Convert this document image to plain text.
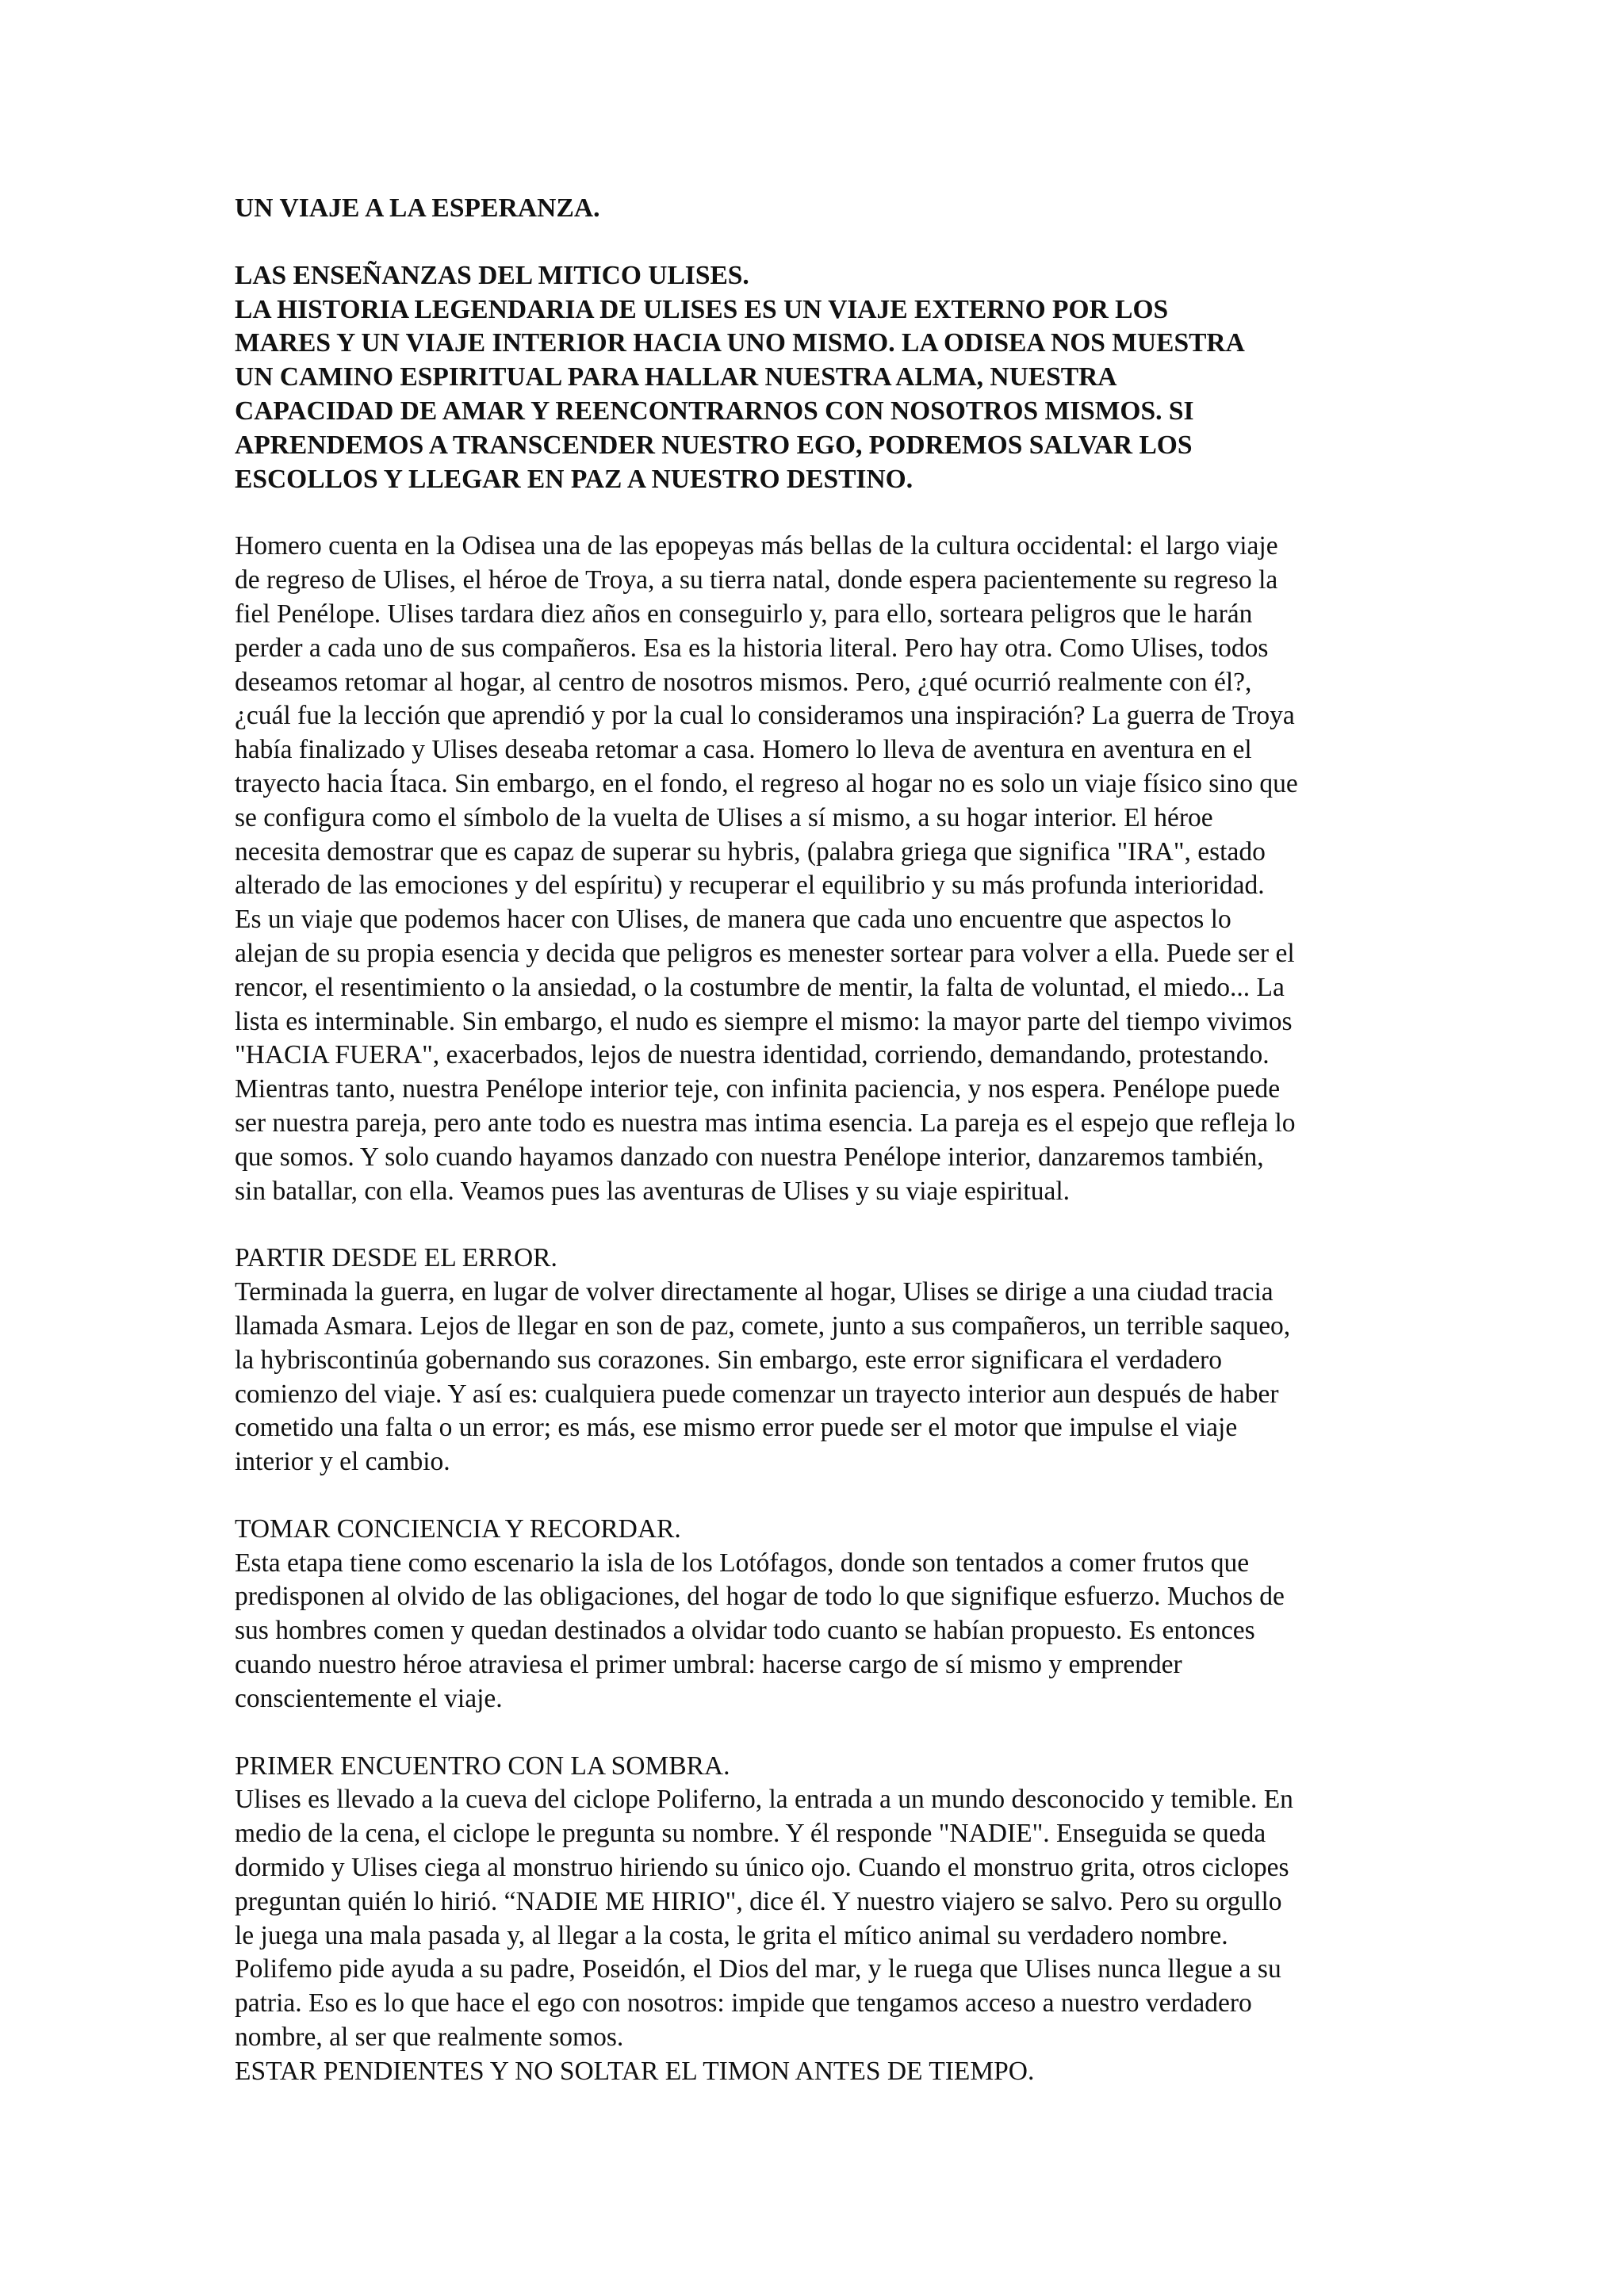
UN VIAJE A LA ESPERANZA.

LAS ENSEÑANZAS DEL MITICO ULISES.

LA HISTORIA LEGENDARIA DE ULISES ES UN VIAJE EXTERNO POR LOS

MARES Y UN VIAJE INTERIOR HACIA UNO MISMO. LA ODISEA NOS MUESTRA

UN CAMINO ESPIRITUAL PARA HALLAR NUESTRA ALMA, NUESTRA

CAPACIDAD DE AMAR Y REENCONTRARNOS CON NOSOTROS MISMOS. SI

APRENDEMOS A TRANSCENDER NUESTRO EGO, PODREMOS SALVAR LOS

ESCOLLOS Y LLEGAR EN PAZ A NUESTRO DESTINO.

Homero cuenta en la Odisea una de las epopeyas más bellas de la cultura occidental: el largo viaje

de regreso de Ulises, el héroe de Troya, a su tierra natal, donde espera pacientemente su regreso la

fiel Penélope. Ulises tardara diez años en conseguirlo y, para ello, sorteara peligros que le harán

perder a cada uno de sus compañeros. Esa es la historia literal. Pero hay otra. Como Ulises, todos

deseamos retomar al hogar, al centro de nosotros mismos. Pero, ¿qué ocurrió realmente con él?,

¿cuál fue la lección que aprendió y por la cual lo consideramos una inspiración? La guerra de Troya

había finalizado y Ulises deseaba retomar a casa. Homero lo lleva de aventura en aventura en el

trayecto hacia Ítaca. Sin embargo, en el fondo, el regreso al hogar no es solo un viaje físico sino que

se configura como el símbolo de la vuelta de Ulises a sí mismo, a su hogar interior. El héroe

necesita demostrar que es capaz de superar su hybris, (palabra griega que significa "IRA", estado

alterado de las emociones y del espíritu) y recuperar el equilibrio y su más profunda interioridad.

Es un viaje que podemos hacer con Ulises, de manera que cada uno encuentre que aspectos lo

alejan de su propia esencia y decida que peligros es menester sortear para volver a ella. Puede ser el

rencor, el resentimiento o la ansiedad, o la costumbre de mentir, la falta de voluntad, el miedo... La

lista es interminable. Sin embargo, el nudo es siempre el mismo: la mayor parte del tiempo vivimos

"HACIA FUERA", exacerbados, lejos de nuestra identidad, corriendo, demandando, protestando.

Mientras tanto, nuestra Penélope interior teje, con infinita paciencia, y nos espera. Penélope puede

ser nuestra pareja, pero ante todo es nuestra mas intima esencia. La pareja es el espejo que refleja lo

que somos. Y solo cuando hayamos danzado con nuestra Penélope interior, danzaremos también,

sin batallar, con ella. Veamos pues las aventuras de Ulises y su viaje espiritual.

PARTIR DESDE EL ERROR.

Terminada la guerra, en lugar de volver directamente al hogar, Ulises se dirige a una ciudad tracia

llamada Asmara. Lejos de llegar en son de paz, comete, junto a sus compañeros, un terrible saqueo,

la hybriscontinúa gobernando sus corazones. Sin embargo, este error significara el verdadero

comienzo del viaje. Y así es: cualquiera puede comenzar un trayecto interior aun después de haber

cometido una falta o un error; es más, ese mismo error puede ser el motor que impulse el viaje

interior y el cambio.

TOMAR CONCIENCIA Y RECORDAR.

Esta etapa tiene como escenario la isla de los Lotófagos, donde son tentados a comer frutos que

predisponen al olvido de las obligaciones, del hogar de todo lo que signifique esfuerzo. Muchos de

sus hombres comen y quedan destinados a olvidar todo cuanto se habían propuesto. Es entonces

cuando nuestro héroe atraviesa el primer umbral: hacerse cargo de sí mismo y emprender

conscientemente el viaje.

PRIMER ENCUENTRO CON LA SOMBRA.

Ulises es llevado a la cueva del ciclope Poliferno, la entrada a un mundo desconocido y temible. En

medio de la cena, el ciclope le pregunta su nombre. Y él responde "NADIE". Enseguida se queda

dormido y Ulises ciega al monstruo hiriendo su único ojo. Cuando el monstruo grita, otros ciclopes

preguntan quién lo hirió. “NADIE ME HIRIO", dice él. Y nuestro viajero se salvo. Pero su orgullo

le juega una mala pasada y, al llegar a la costa, le grita el mítico animal su verdadero nombre.

Polifemo pide ayuda a su padre, Poseidón, el Dios del mar, y le ruega que Ulises nunca llegue a su

patria. Eso es lo que hace el ego con nosotros: impide que tengamos acceso a nuestro verdadero

nombre, al ser que realmente somos.

ESTAR PENDIENTES Y NO SOLTAR EL TIMON ANTES DE TIEMPO.
